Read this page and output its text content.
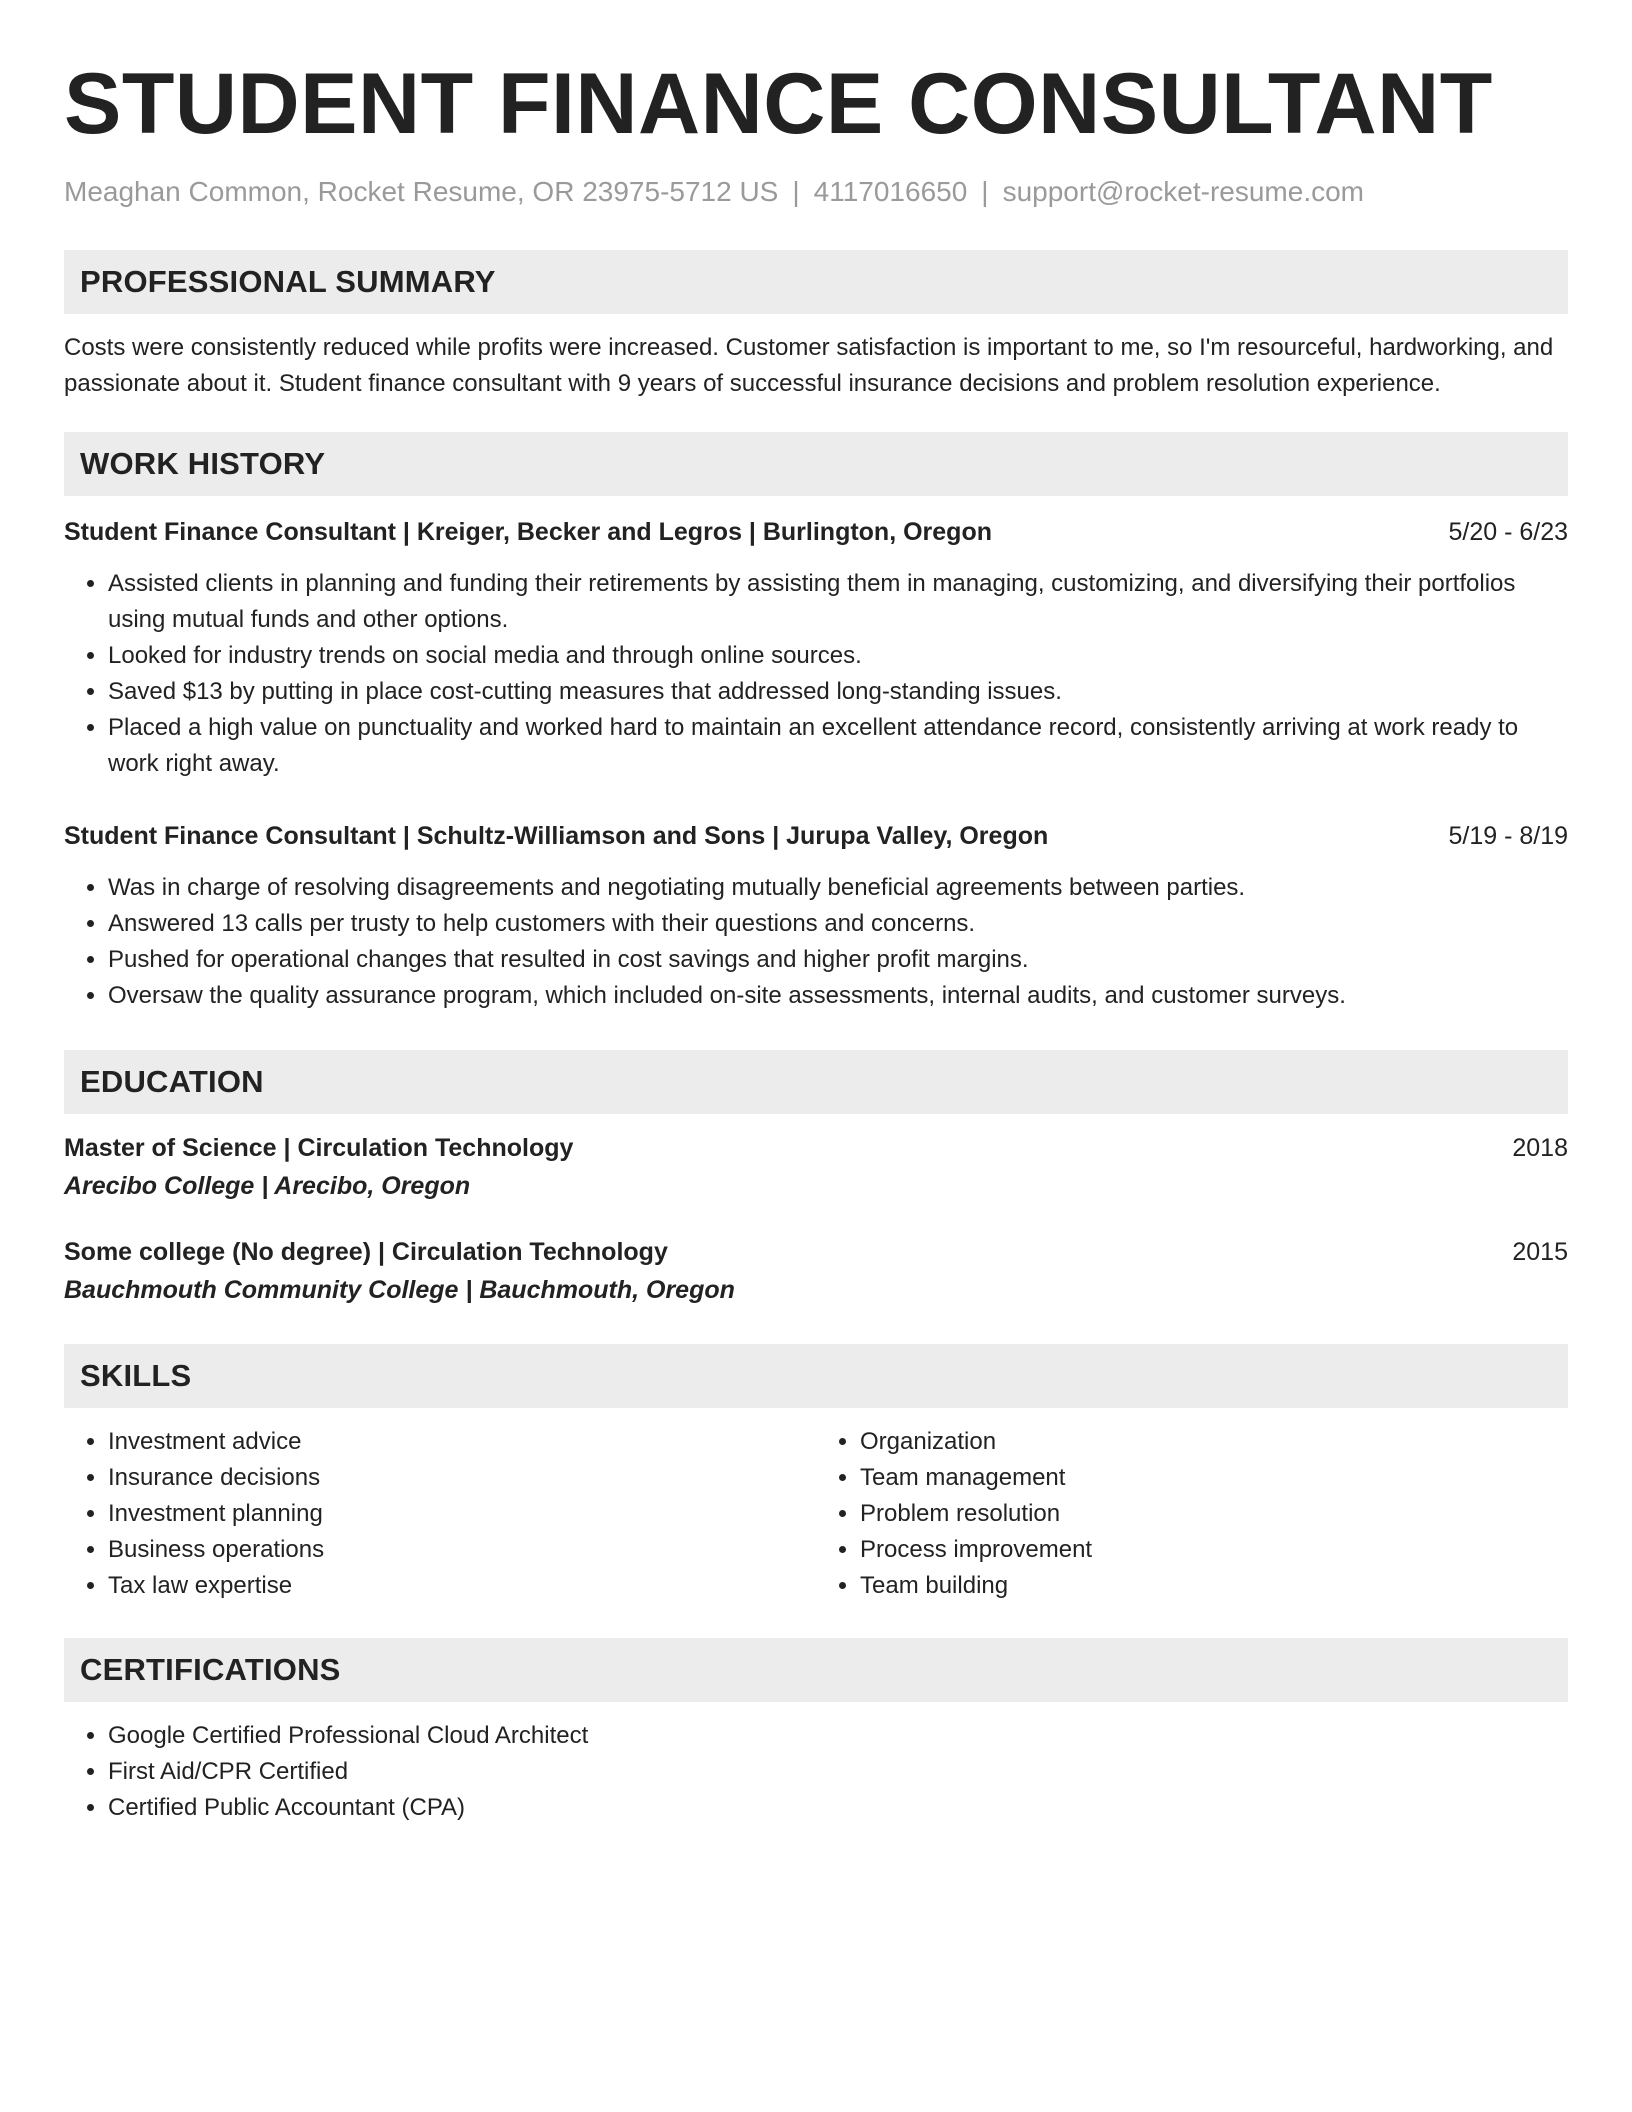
STUDENT FINANCE CONSULTANT
Meaghan Common, Rocket Resume, OR 23975-5712 US | 4117016650 | support@rocket-resume.com
PROFESSIONAL SUMMARY

Costs were consistently reduced while profits were increased. Customer satisfaction is important to me, so I'm resourceful, hardworking, and passionate about it. Student finance consultant with 9 years of successful insurance decisions and problem resolution experience.

WORK HISTORY
Student Finance Consultant | Kreiger, Becker and Legros | Burlington, Oregon	5/20 - 6/23
• Assisted clients in planning and funding their retirements by assisting them in managing, customizing, and diversifying their portfolios using mutual funds and other options.
• Looked for industry trends on social media and through online sources.
• Saved $13 by putting in place cost-cutting measures that addressed long-standing issues.
• Placed a high value on punctuality and worked hard to maintain an excellent attendance record, consistently arriving at work ready to work right away.
Student Finance Consultant | Schultz-Williamson and Sons | Jurupa Valley, Oregon	5/19 - 8/19
• Was in charge of resolving disagreements and negotiating mutually beneficial agreements between parties.
• Answered 13 calls per trusty to help customers with their questions and concerns.
• Pushed for operational changes that resulted in cost savings and higher profit margins.
• Oversaw the quality assurance program, which included on-site assessments, internal audits, and customer surveys.
EDUCATION
Master of Science | Circulation Technology	2018
Arecibo College | Arecibo, Oregon
Some college (No degree) | Circulation Technology	2015
Bauchmouth Community College | Bauchmouth, Oregon
SKILLS
• Investment advice
• Insurance decisions
• Investment planning
• Business operations
• Tax law expertise
• Organization
• Team management
• Problem resolution
• Process improvement
• Team building
CERTIFICATIONS
• Google Certified Professional Cloud Architect
• First Aid/CPR Certified
• Certified Public Accountant (CPA)
